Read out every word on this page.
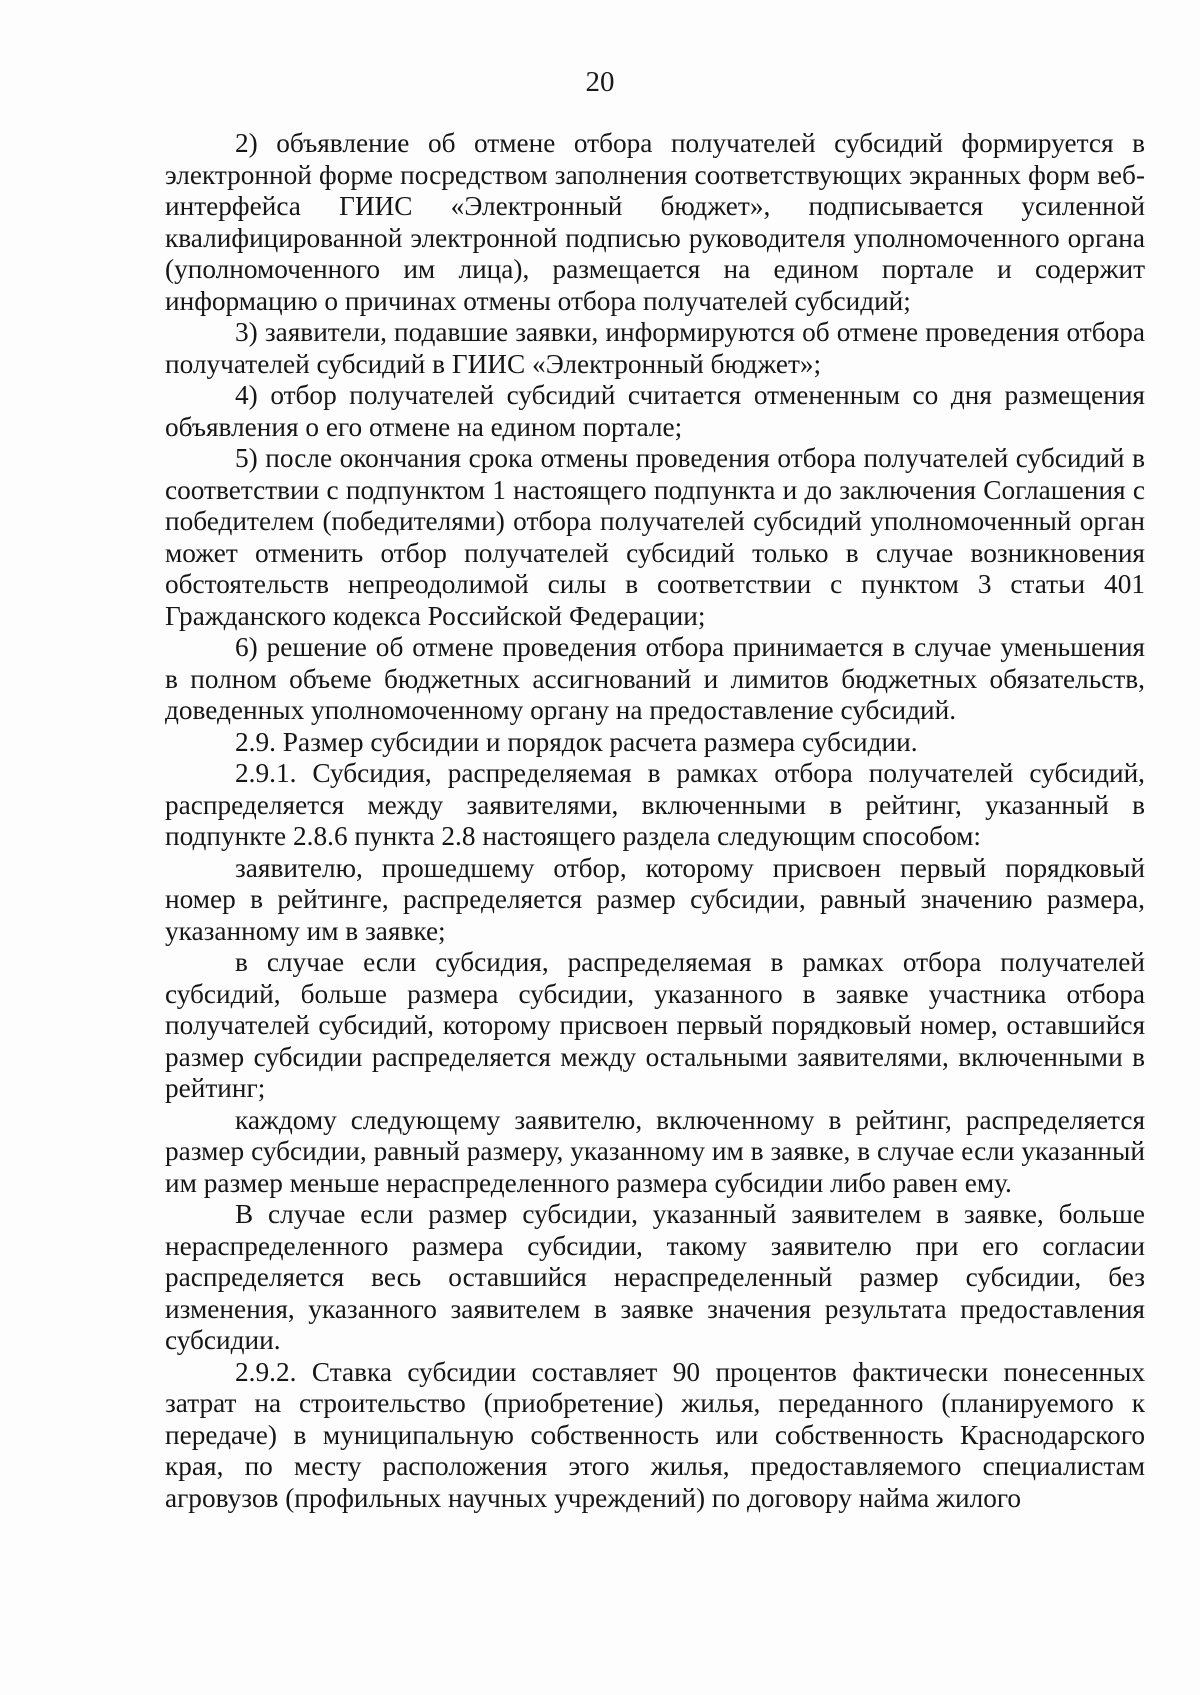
20

2) объявление об отмене отбора получателей субсидий формируется в электронной форме посредством заполнения соответствующих экранных форм веб-интерфейса ГИИС «Электронный бюджет», подписывается усиленной квалифицированной электронной подписью руководителя уполномоченного органа (уполномоченного им лица), размещается на едином портале и содержит информацию о причинах отмены отбора получателей субсидий;

3) заявители, подавшие заявки, информируются об отмене проведения отбора получателей субсидий в ГИИС «Электронный бюджет»;

4) отбор получателей субсидий считается отмененным со дня размещения объявления о его отмене на едином портале;

5) после окончания срока отмены проведения отбора получателей субсидий в соответствии с подпунктом 1 настоящего подпункта и до заключения Соглашения с победителем (победителями) отбора получателей субсидий уполномоченный орган может отменить отбор получателей субсидий только в случае возникновения обстоятельств непреодолимой силы в соответствии с пунктом 3 статьи 401 Гражданского кодекса Российской Федерации;

6) решение об отмене проведения отбора принимается в случае уменьшения в полном объеме бюджетных ассигнований и лимитов бюджетных обязательств, доведенных уполномоченному органу на предоставление субсидий.

2.9. Размер субсидии и порядок расчета размера субсидии.

2.9.1. Субсидия, распределяемая в рамках отбора получателей субсидий, распределяется между заявителями, включенными в рейтинг, указанный в подпункте 2.8.6 пункта 2.8 настоящего раздела следующим способом:

заявителю, прошедшему отбор, которому присвоен первый порядковый номер в рейтинге, распределяется размер субсидии, равный значению размера, указанному им в заявке;

в случае если субсидия, распределяемая в рамках отбора получателей субсидий, больше размера субсидии, указанного в заявке участника отбора получателей субсидий, которому присвоен первый порядковый номер, оставшийся размер субсидии распределяется между остальными заявителями, включенными в рейтинг;

каждому следующему заявителю, включенному в рейтинг, распределяется размер субсидии, равный размеру, указанному им в заявке, в случае если указанный им размер меньше нераспределенного размера субсидии либо равен ему.

В случае если размер субсидии, указанный заявителем в заявке, больше нераспределенного размера субсидии, такому заявителю при его согласии распределяется весь оставшийся нераспределенный размер субсидии, без изменения, указанного заявителем в заявке значения результата предоставления субсидии.

2.9.2. Ставка субсидии составляет 90 процентов фактически понесенных затрат на строительство (приобретение) жилья, переданного (планируемого к передаче) в муниципальную собственность или собственность Краснодарского края, по месту расположения этого жилья, предоставляемого специалистам агровузов (профильных научных учреждений) по договору найма жилого
